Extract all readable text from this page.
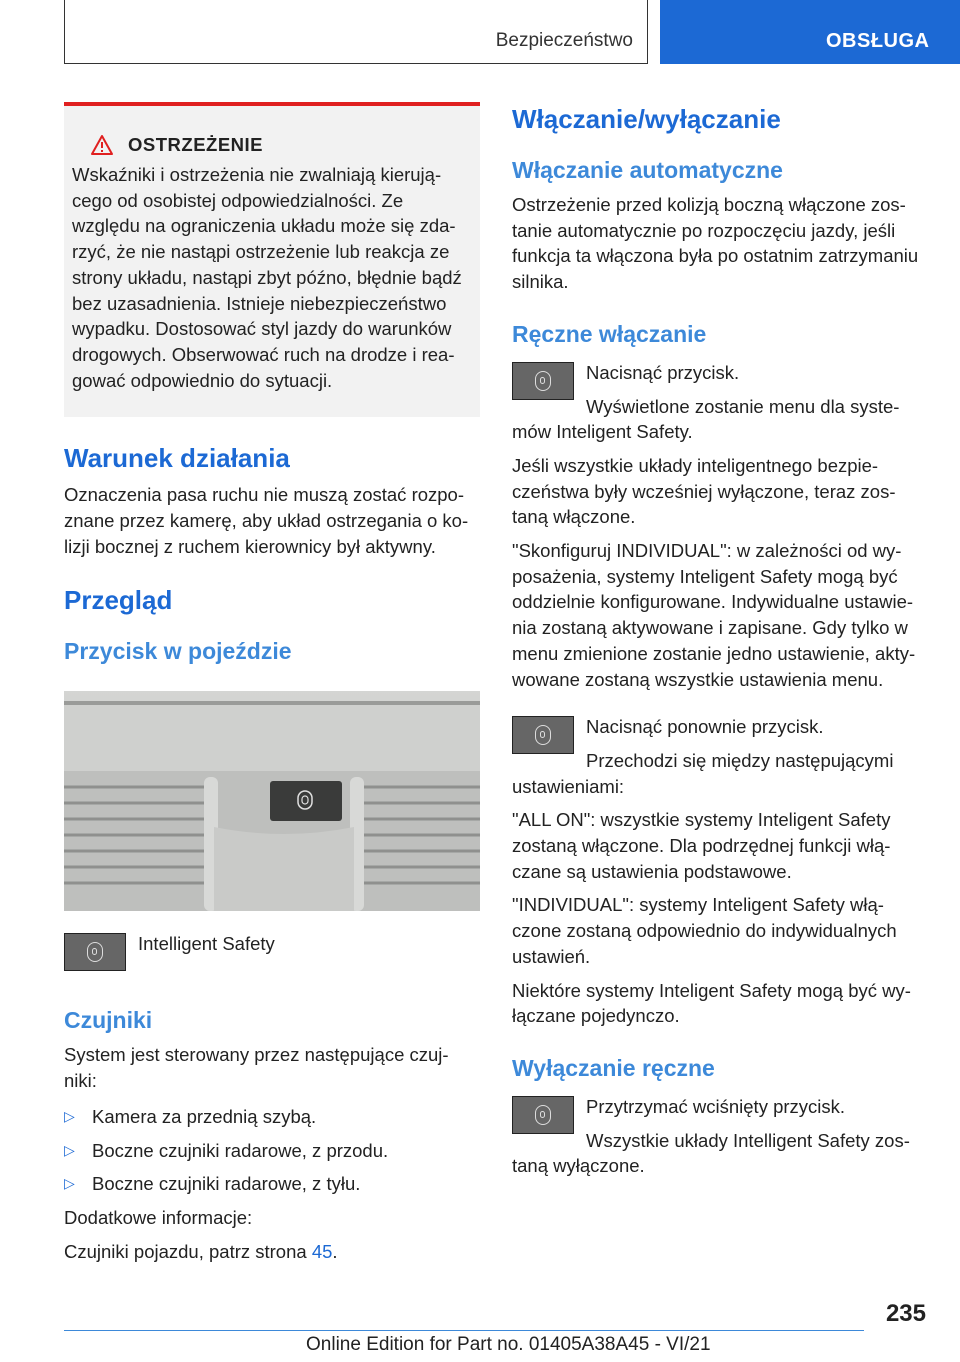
Bezpieczeństwo	OBSŁUGA
OSTRZEŻENIE
Wskaźniki i ostrzeżenia nie zwalniają kierują-
cego od osobistej odpowiedzialności. Ze
względu na ograniczenia układu może się zda-
rzyć, że nie nastąpi ostrzeżenie lub reakcja ze
strony układu, nastąpi zbyt późno, błędnie bądź
bez uzasadnienia. Istnieje niebezpieczeństwo
wypadku. Dostosować styl jazdy do warunków
drogowych. Obserwować ruch na drodze i rea-
gować odpowiednio do sytuacji.
Warunek działania

Oznaczenia pasa ruchu nie muszą zostać rozpo-

znane przez kamerę, aby układ ostrzegania o ko-

lizji bocznej z ruchem kierownicy był aktywny.

Przegląd
Przycisk w pojeździe

Intelligent Safety

Czujniki

System jest sterowany przez następujące czuj-

niki:

▷ Kamera za przednią szybą.

▷ Boczne czujniki radarowe, z przodu.

▷ Boczne czujniki radarowe, z tyłu.

Dodatkowe informacje:

Czujniki pojazdu, patrz strona 45.

Włączanie/wyłączanie
Włączanie automatyczne

Ostrzeżenie przed kolizją boczną włączone zos-

tanie automatycznie po rozpoczęciu jazdy, jeśli

funkcja ta włączona była po ostatnim zatrzymaniu

silnika.

Ręczne włączanie

Nacisnąć przycisk.

Wyświetlone zostanie menu dla syste-

mów Inteligent Safety.

Jeśli wszystkie układy inteligentnego bezpie-

czeństwa były wcześniej wyłączone, teraz zos-

taną włączone.

"Skonfiguruj INDIVIDUAL": w zależności od wy-

posażenia, systemy Inteligent Safety mogą być

oddzielnie konfigurowane. Indywidualne ustawie-

nia zostaną aktywowane i zapisane. Gdy tylko w

menu zmienione zostanie jedno ustawienie, akty-

wowane zostaną wszystkie ustawienia menu.

Nacisnąć ponownie przycisk.

Przechodzi się między następującymi

ustawieniami:

"ALL ON": wszystkie systemy Inteligent Safety

zostaną włączone. Dla podrzędnej funkcji włą-

czane są ustawienia podstawowe.

"INDIVIDUAL": systemy Inteligent Safety włą-

czone zostaną odpowiednio do indywidualnych

ustawień.

Niektóre systemy Inteligent Safety mogą być wy-

łączane pojedynczo.

Wyłączanie ręczne

Przytrzymać wciśnięty przycisk.

Wszystkie układy Intelligent Safety zos-

taną wyłączone.

235
Online Edition for Part no. 01405A38A45 - VI/21
